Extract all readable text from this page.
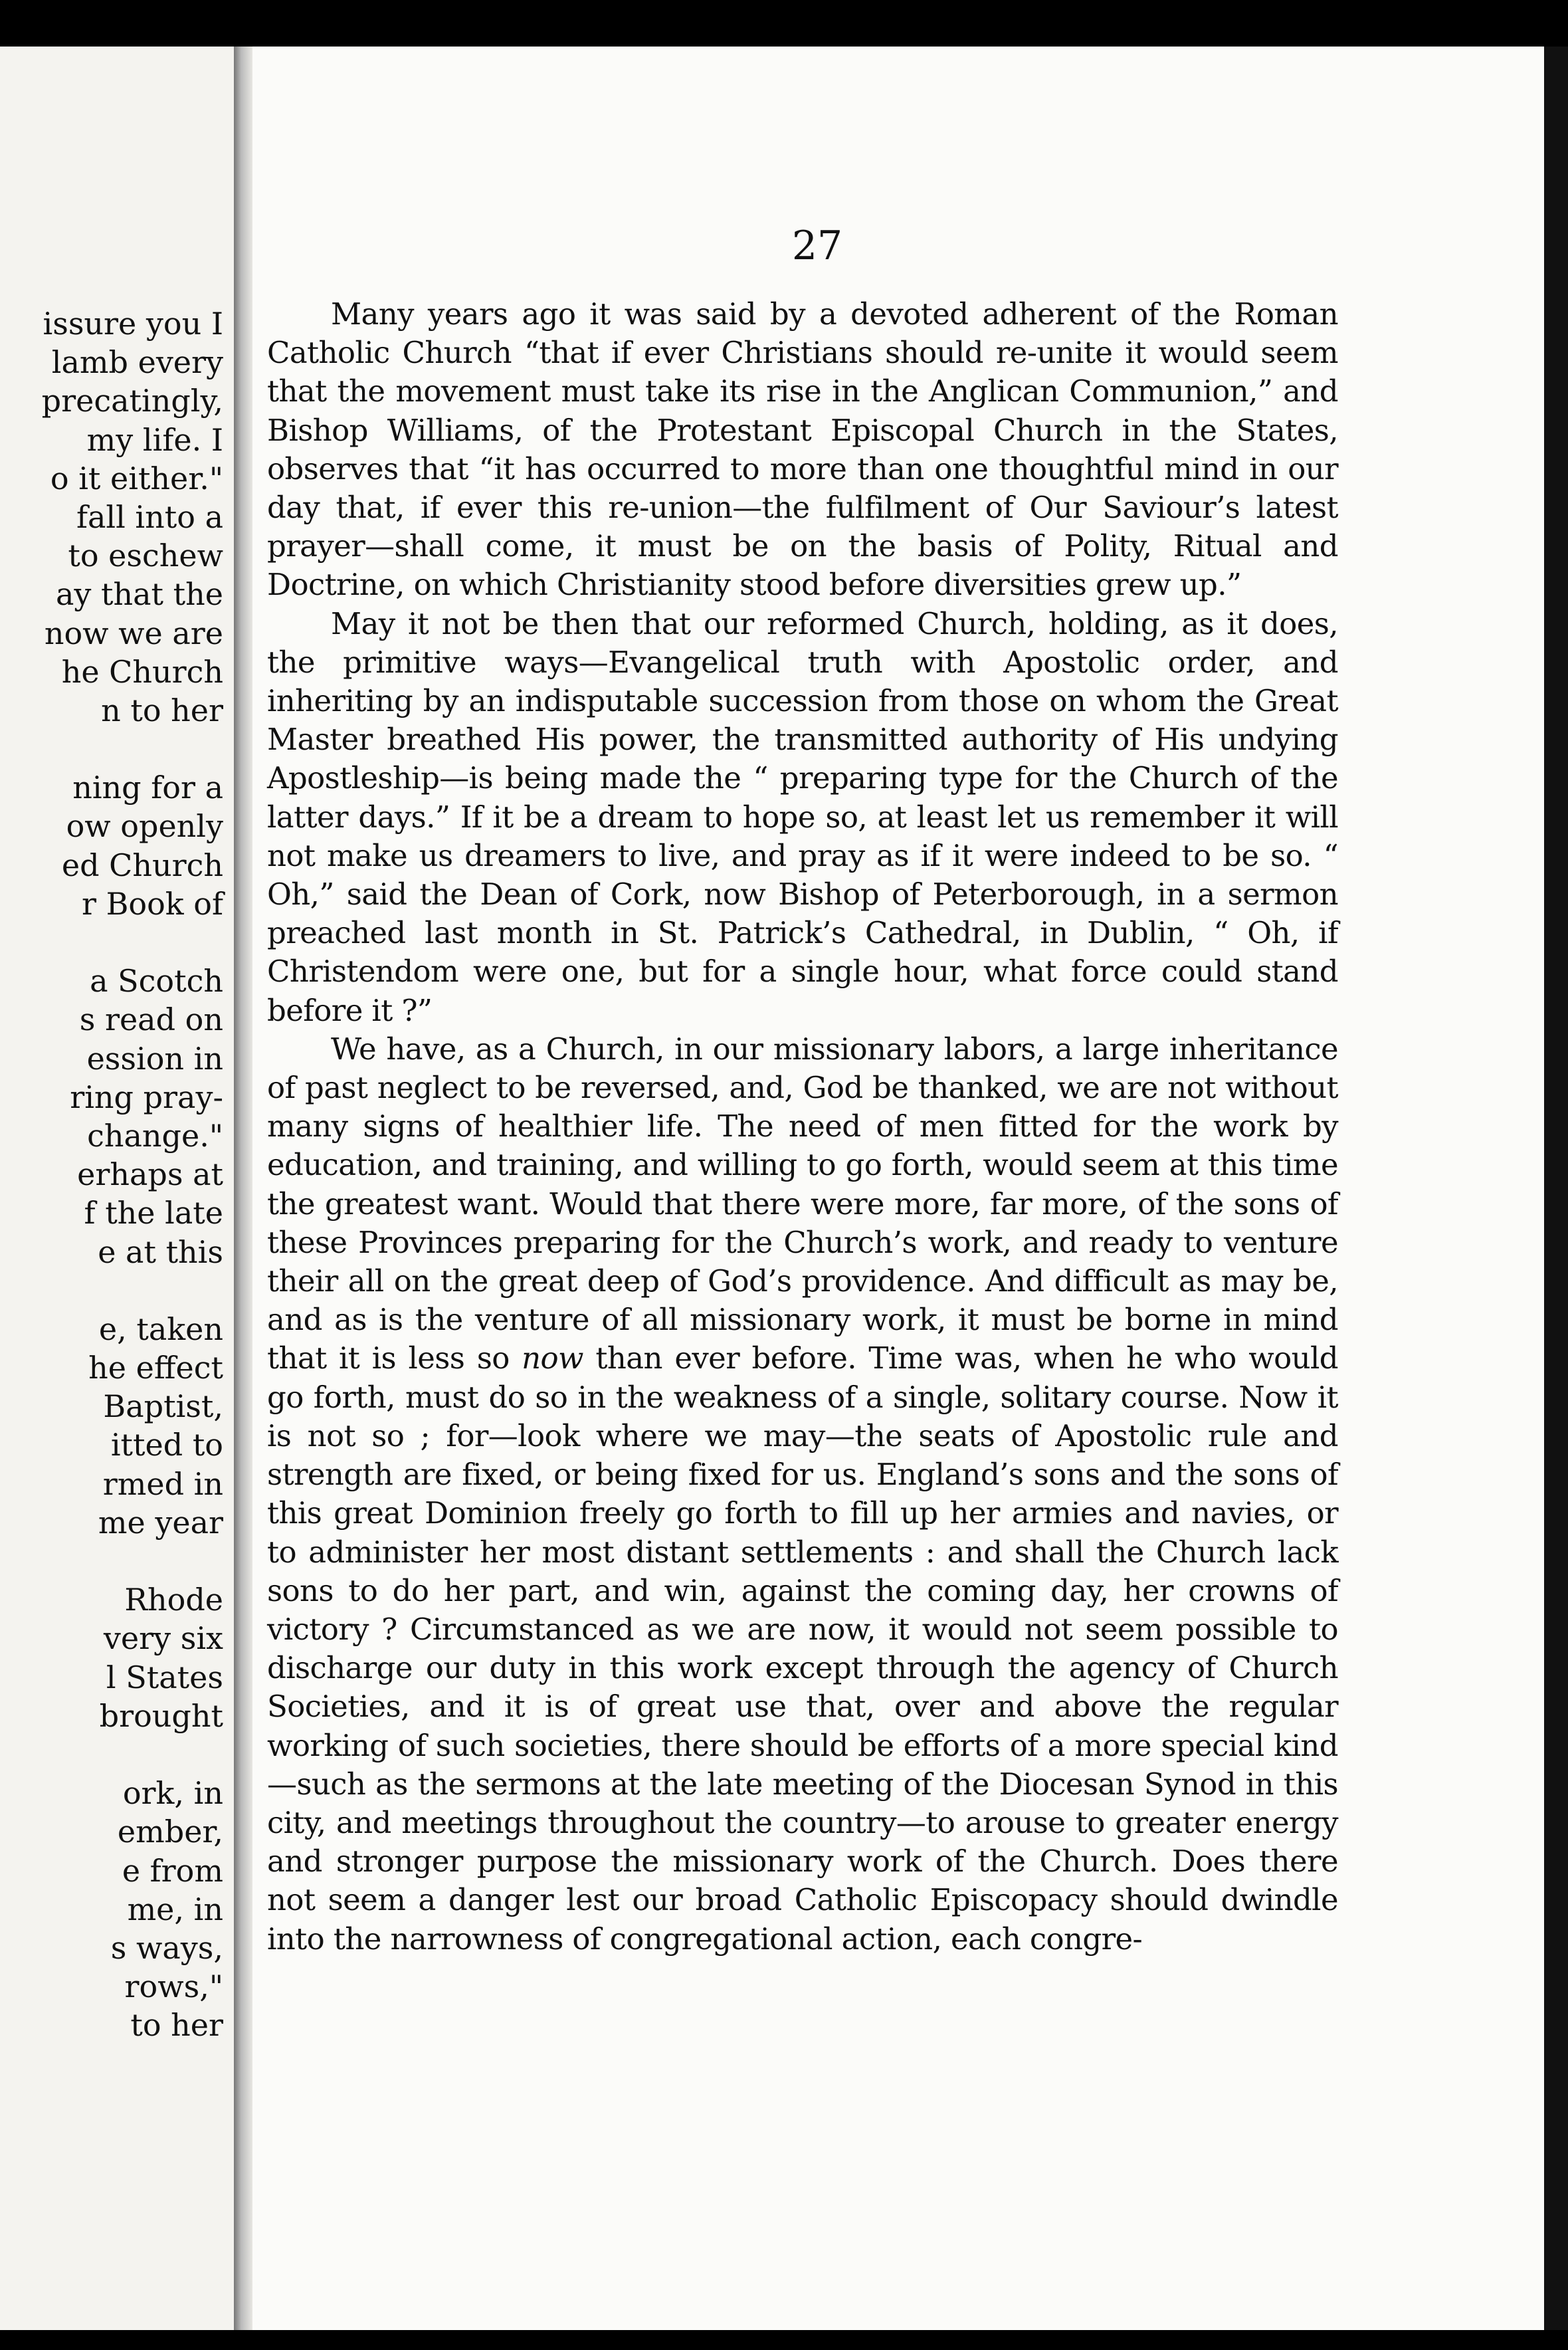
issure you I
lamb every
precatingly,
my life. I
o it either."
fall into a
to eschew
ay that the
now we are
he Church
n to her
ning for a
ow openly
ed Church
r Book of
a Scotch
s read on
ession in
ring pray-
change."
erhaps at
f the late
e at this
e, taken
he effect
Baptist,
itted to
rmed in
me year
Rhode
very six
l States
brought
ork, in
ember,
e from
me, in
s ways,
rows,"
to her
27

Many years ago it was said by a devoted adherent of the Roman Catholic Church “that if ever Christians should re-unite it would seem that the movement must take its rise in the Anglican Communion,” and Bishop Williams, of the Protestant Episcopal Church in the States, observes that “it has occurred to more than one thoughtful mind in our day that, if ever this re-union—the fulfilment of Our Saviour’s latest prayer—shall come, it must be on the basis of Polity, Ritual and Doctrine, on which Christianity stood before diversities grew up.”

May it not be then that our reformed Church, holding, as it does, the primitive ways—Evangelical truth with Apostolic order, and inheriting by an indisputable succession from those on whom the Great Master breathed His power, the transmitted authority of His undying Apostleship—is being made the “ preparing type for the Church of the latter days.” If it be a dream to hope so, at least let us remember it will not make us dreamers to live, and pray as if it were indeed to be so. “ Oh,” said the Dean of Cork, now Bishop of Peterborough, in a sermon preached last month in St. Patrick’s Cathedral, in Dublin, “ Oh, if Christendom were one, but for a single hour, what force could stand before it ?”

We have, as a Church, in our missionary labors, a large inheritance of past neglect to be reversed, and, God be thanked, we are not without many signs of healthier life. The need of men fitted for the work by education, and training, and willing to go forth, would seem at this time the greatest want. Would that there were more, far more, of the sons of these Provinces preparing for the Church’s work, and ready to venture their all on the great deep of God’s providence. And difficult as may be, and as is the venture of all missionary work, it must be borne in mind that it is less so now than ever before. Time was, when he who would go forth, must do so in the weakness of a single, solitary course. Now it is not so ; for—look where we may—the seats of Apostolic rule and strength are fixed, or being fixed for us. England’s sons and the sons of this great Dominion freely go forth to fill up her armies and navies, or to administer her most distant settlements : and shall the Church lack sons to do her part, and win, against the coming day, her crowns of victory ? Circumstanced as we are now, it would not seem possible to discharge our duty in this work except through the agency of Church Societies, and it is of great use that, over and above the regular working of such societies, there should be efforts of a more special kind—such as the sermons at the late meeting of the Diocesan Synod in this city, and meetings throughout the country—to arouse to greater energy and stronger purpose the missionary work of the Church. Does there not seem a danger lest our broad Catholic Episcopacy should dwindle into the narrowness of congregational action, each congre-
